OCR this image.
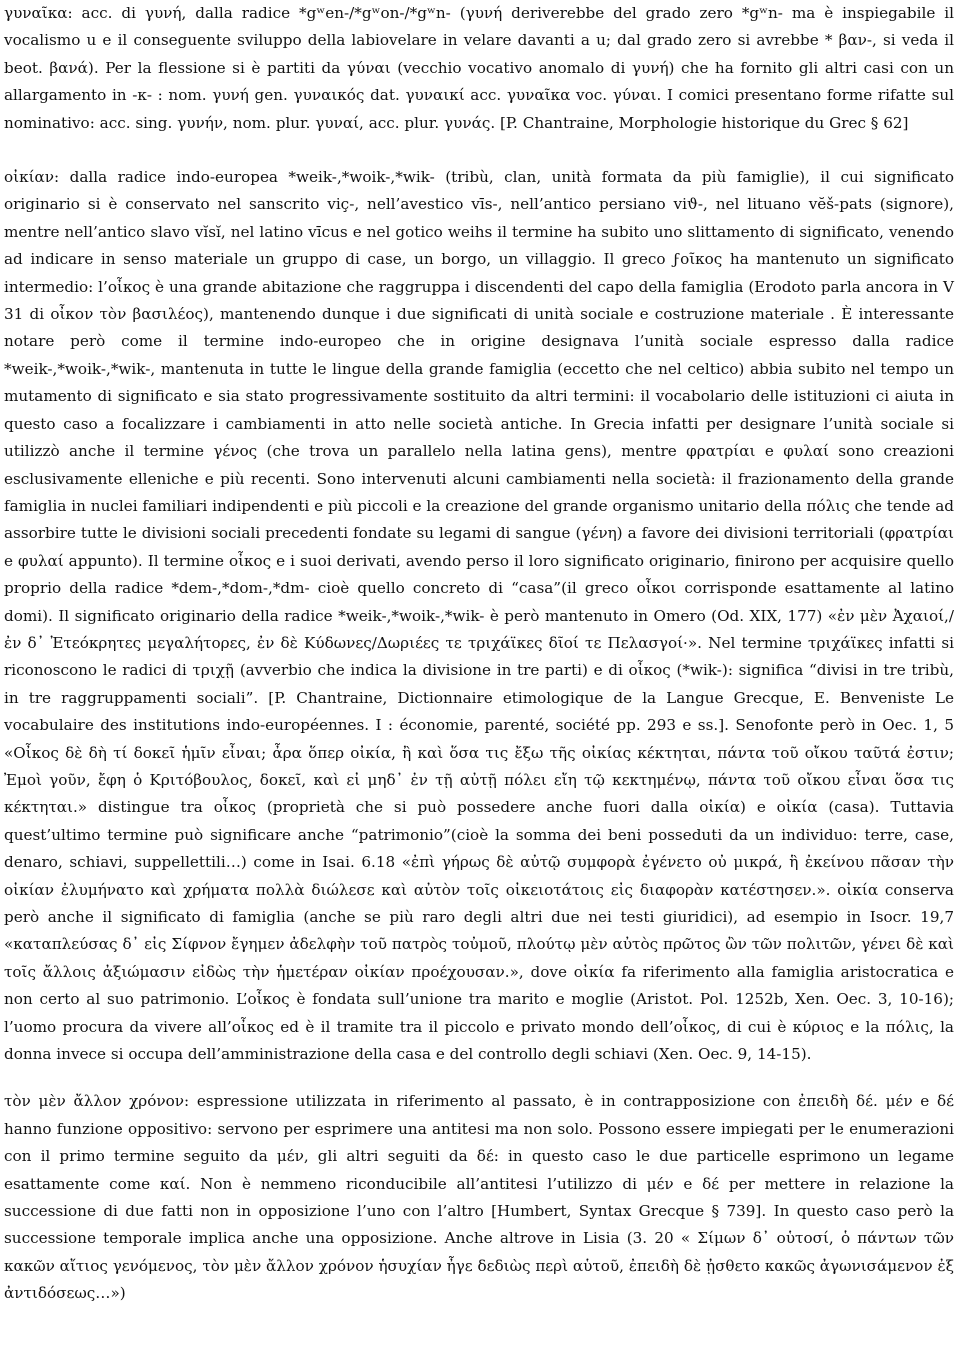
γυναῖκα: acc. di γυνή, dalla radice *gʷen-/*gʷon-/*gʷn- (γυνή deriverebbe del grado zero *gʷn- ma è inspiegabile il vocalismo u e il conseguente sviluppo della labiovelare in velare davanti a u; dal grado zero si avrebbe * βαν-, si veda il beot. βανά). Per la flessione si è partiti da γύναι (vecchio vocativo anomalo di γυνή) che ha fornito gli altri casi con un allargamento in -κ- : nom. γυνή gen. γυναικός dat. γυναικί acc. γυναῖκα voc. γύναι. I comici presentano forme rifatte sul nominativo: acc. sing. γυνήν, nom. plur. γυναί, acc. plur. γυνάς. [P. Chantraine, Morphologie historique du Grec § 62]

οἰκίαν: dalla radice indo-europea *weik-,*woik-,*wik- (tribù, clan, unità formata da più famiglie), il cui significato originario si è conservato nel sanscrito viç-, nell’avestico vīs-, nell’antico persiano viϑ-, nel lituano vĕš-pats (signore), mentre nell’antico slavo vĭsĭ, nel latino vīcus e nel gotico weihs il termine ha subito uno slittamento di significato, venendo ad indicare in senso materiale un gruppo di case, un borgo, un villaggio. Il greco ϝοῖκος ha mantenuto un significato intermedio: l’οἶκος è una grande abitazione che raggruppa i discendenti del capo della famiglia (Erodoto parla ancora in V 31 di οἶκον τὸν βασιλέος), mantenendo dunque i due significati di unità sociale e costruzione materiale . È interessante notare però come il termine indo-europeo che in origine designava l’unità sociale espresso dalla radice *weik-,*woik-,*wik-, mantenuta in tutte le lingue della grande famiglia (eccetto che nel celtico) abbia subito nel tempo un mutamento di significato e sia stato progressivamente sostituito da altri termini: il vocabolario delle istituzioni ci aiuta in questo caso a focalizzare i cambiamenti in atto nelle società antiche. In Grecia infatti per designare l’unità sociale si utilizzò anche il termine γένος (che trova un parallelo nella latina gens), mentre φρατρίαι e φυλαί sono creazioni esclusivamente elleniche e più recenti. Sono intervenuti alcuni cambiamenti nella società: il frazionamento della grande famiglia in nuclei familiari indipendenti e più piccoli e la creazione del grande organismo unitario della πόλις che tende ad assorbire tutte le divisioni sociali precedenti fondate su legami di sangue (γένη) a favore dei divisioni territoriali (φρατρίαι e φυλαί appunto). Il termine οἶκος e i suoi derivati, avendo perso il loro significato originario, finirono per acquisire quello proprio della radice *dem-,*dom-,*dm- cioè quello concreto di “casa”(il greco οἶκοι corrisponde esattamente al latino domi). Il significato originario della radice *weik-,*woik-,*wik- è però mantenuto in Omero (Od. XIX, 177) «ἐν μὲν Ἀχαιοί,/ἐν δ᾽ Ἐτεόκρητες μεγαλήτορες, ἐν δὲ Κύδωνες/Δωριέες τε τριχάϊκες δῖοί τε Πελασγοί·». Nel termine τριχάϊκες infatti si riconoscono le radici di τριχῇ (avverbio che indica la divisione in tre parti) e di οἶκος (*wik-): significa “divisi in tre tribù, in tre raggruppamenti sociali”. [P. Chantraine, Dictionnaire etimologique de la Langue Grecque, E. Benveniste Le vocabulaire des institutions indo-européennes. I : économie, parenté, société pp. 293 e ss.]. Senofonte però in Oec. 1, 5 «Οἶκος δὲ δὴ τί δοκεῖ ἡμῖν εἶναι; ἆρα ὅπερ οἰκία, ἢ καὶ ὅσα τις ἔξω τῆς οἰκίας κέκτηται, πάντα τοῦ οἴκου ταῦτά ἐστιν; Ἐμοὶ γοῦν, ἔφη ὁ Κριτόβουλος, δοκεῖ, καὶ εἰ μηδ᾽ ἐν τῇ αὐτῇ πόλει εἴη τῷ κεκτημένῳ, πάντα τοῦ οἴκου εἶναι ὅσα τις κέκτηται.» distingue tra οἶκος (proprietà che si può possedere anche fuori dalla οἰκία) e οἰκία (casa). Tuttavia quest’ultimo termine può significare anche “patrimonio”(cioè la somma dei beni posseduti da un individuo: terre, case, denaro, schiavi, suppellettili…) come in Isai. 6.18 «ἐπὶ γήρως δὲ αὐτῷ συμφορὰ ἐγένετο οὐ μικρά, ἣ ἐκείνου πᾶσαν τὴν οἰκίαν ἐλυμήνατο καὶ χρήματα πολλὰ διώλεσε καὶ αὐτὸν τοῖς οἰκειοτάτοις εἰς διαφορὰν κατέστησεν.». οἰκία conserva però anche il significato di famiglia (anche se più raro degli altri due nei testi giuridici), ad esempio in Isocr. 19,7 «καταπλεύσας δ᾽ εἰς Σίφνον ἔγημεν ἀδελφὴν τοῦ πατρὸς τοὐμοῦ, πλούτῳ μὲν αὐτὸς πρῶτος ὢν τῶν πολιτῶν, γένει δὲ καὶ τοῖς ἄλλοις ἀξιώμασιν εἰδὼς τὴν ἡμετέραν οἰκίαν προέχουσαν.», dove οἰκία fa riferimento alla famiglia aristocratica e non certo al suo patrimonio. L’οἶκος è fondata sull’unione tra marito e moglie (Aristot. Pol. 1252b, Xen. Oec. 3, 10-16); l’uomo procura da vivere all’οἶκος ed è il tramite tra il piccolo e privato mondo dell’οἶκος, di cui è κύριος e la πόλις, la donna invece si occupa dell’amministrazione della casa e del controllo degli schiavi (Xen. Oec. 9, 14-15).

τὸν μὲν ἄλλον χρόνον: espressione utilizzata in riferimento al passato, è in contrapposizione con ἐπειδὴ δέ. μέν e δέ hanno funzione oppositivo: servono per esprimere una antitesi ma non solo. Possono essere impiegati per le enumerazioni con il primo termine seguito da μέν, gli altri seguiti da δέ: in questo caso le due particelle esprimono un legame esattamente come καί. Non è nemmeno riconducibile all’antitesi l’utilizzo di μέν e δέ per mettere in relazione la successione di due fatti non in opposizione l’uno con l’altro [Humbert, Syntax Grecque § 739]. In questo caso però la successione temporale implica anche una opposizione. Anche altrove in Lisia (3. 20 « Σίμων δ᾽ οὑτοσί, ὁ πάντων τῶν κακῶν αἴτιος γενόμενος, τὸν μὲν ἄλλον χρόνον ἡσυχίαν ἦγε δεδιὼς περὶ αὑτοῦ, ἐπειδὴ δὲ ᾐσθετο κακῶς ἀγωνισάμενον ἐξ ἀντιδόσεως…»)
